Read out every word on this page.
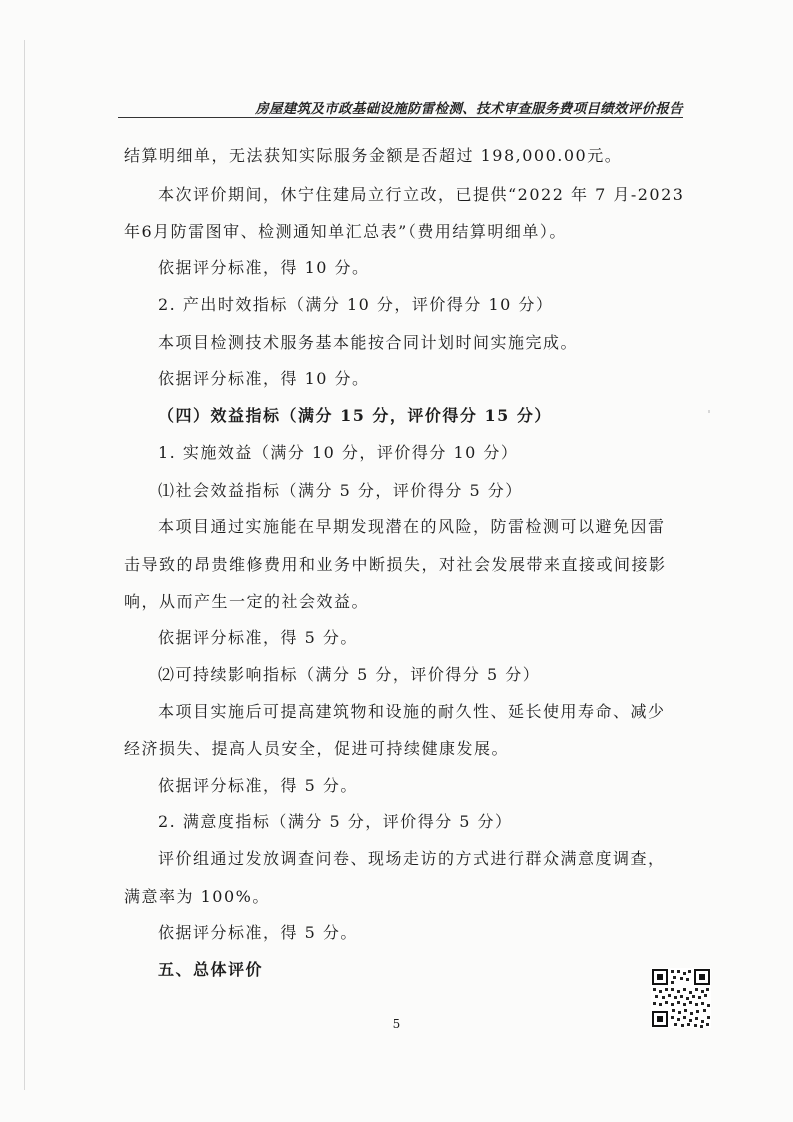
房屋建筑及市政基础设施防雷检测、技术审查服务费项目绩效评价报告
结算明细单，无法获知实际服务金额是否超过 198,000.00元。
本次评价期间，休宁住建局立行立改，已提供“2022 年 7 月-2023
年6月防雷图审、检测通知单汇总表”（费用结算明细单）。
依据评分标准，得 10 分。
2. 产出时效指标（满分 10 分，评价得分 10 分）
本项目检测技术服务基本能按合同计划时间实施完成。
依据评分标准，得 10 分。
（四）效益指标（满分 15 分，评价得分 15 分）
1. 实施效益（满分 10 分，评价得分 10 分）
⑴社会效益指标（满分 5 分，评价得分 5 分）
本项目通过实施能在早期发现潜在的风险，防雷检测可以避免因雷
击导致的昂贵维修费用和业务中断损失，对社会发展带来直接或间接影
响，从而产生一定的社会效益。
依据评分标准，得 5 分。
⑵可持续影响指标（满分 5 分，评价得分 5 分）
本项目实施后可提高建筑物和设施的耐久性、延长使用寿命、减少
经济损失、提高人员安全，促进可持续健康发展。
依据评分标准，得 5 分。
2. 满意度指标（满分 5 分，评价得分 5 分）
评价组通过发放调查问卷、现场走访的方式进行群众满意度调查，
满意率为 100%。
依据评分标准，得 5 分。
五、总体评价
5
